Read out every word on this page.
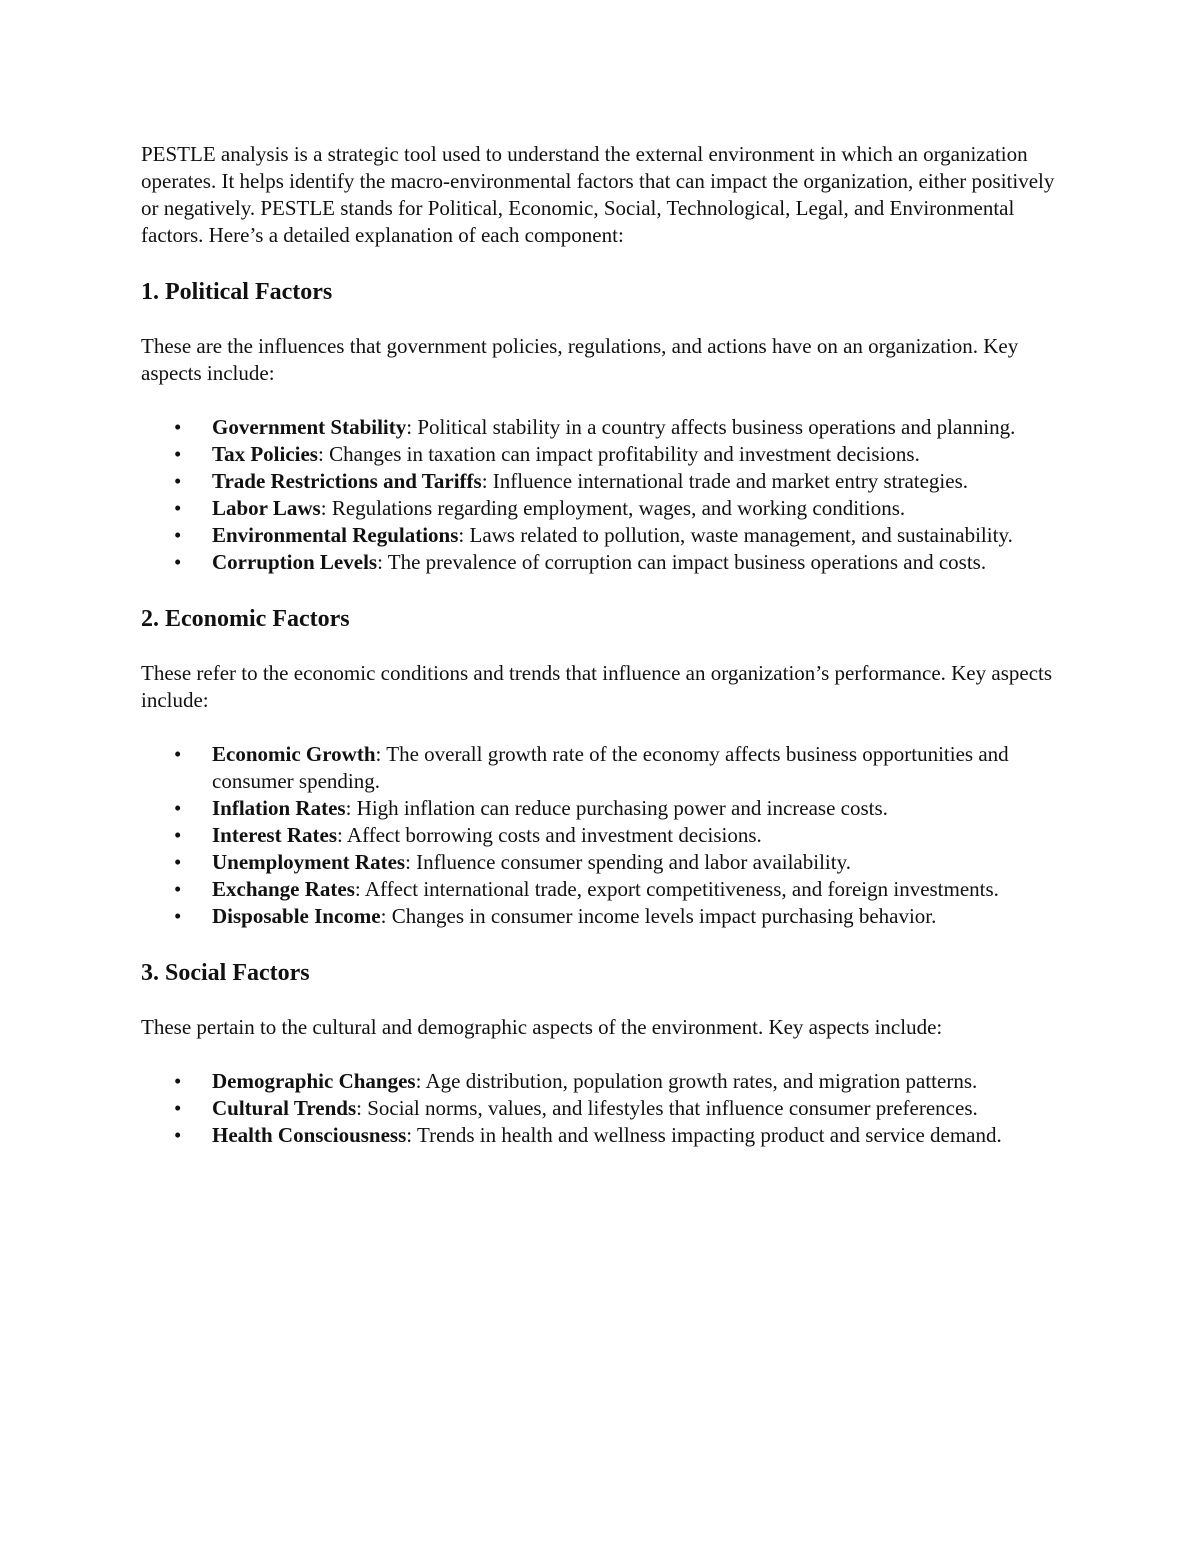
PESTLE analysis is a strategic tool used to understand the external environment in which an organization operates. It helps identify the macro-environmental factors that can impact the organization, either positively or negatively. PESTLE stands for Political, Economic, Social, Technological, Legal, and Environmental factors. Here’s a detailed explanation of each component:

1. Political Factors

These are the influences that government policies, regulations, and actions have on an organization. Key aspects include:

• Government Stability: Political stability in a country affects business operations and planning.
• Tax Policies: Changes in taxation can impact profitability and investment decisions.
• Trade Restrictions and Tariffs: Influence international trade and market entry strategies.
• Labor Laws: Regulations regarding employment, wages, and working conditions.
• Environmental Regulations: Laws related to pollution, waste management, and sustainability.
• Corruption Levels: The prevalence of corruption can impact business operations and costs.
2. Economic Factors

These refer to the economic conditions and trends that influence an organization’s performance. Key aspects include:

• Economic Growth: The overall growth rate of the economy affects business opportunities and consumer spending.
• Inflation Rates: High inflation can reduce purchasing power and increase costs.
• Interest Rates: Affect borrowing costs and investment decisions.
• Unemployment Rates: Influence consumer spending and labor availability.
• Exchange Rates: Affect international trade, export competitiveness, and foreign investments.
• Disposable Income: Changes in consumer income levels impact purchasing behavior.
3. Social Factors

These pertain to the cultural and demographic aspects of the environment. Key aspects include:

• Demographic Changes: Age distribution, population growth rates, and migration patterns.
• Cultural Trends: Social norms, values, and lifestyles that influence consumer preferences.
• Health Consciousness: Trends in health and wellness impacting product and service demand.
